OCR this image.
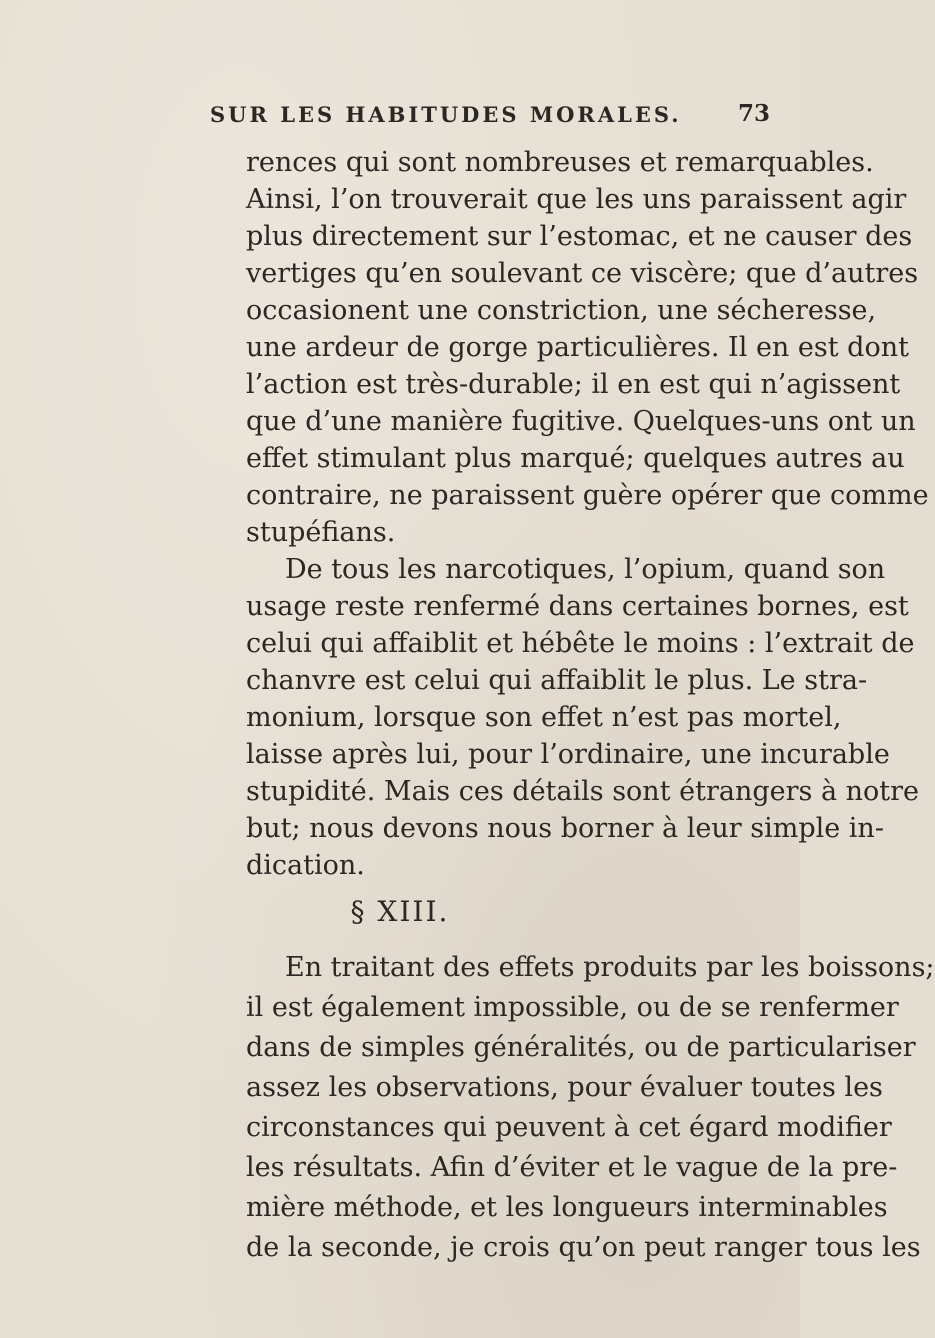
SUR LES HABITUDES MORALES. 73
rences qui sont nombreuses et remarquables.
Ainsi, l’on trouverait que les uns paraissent agir
plus directement sur l’estomac, et ne causer des
vertiges qu’en soulevant ce viscère; que d’autres
occasionent une constriction, une sécheresse,
une ardeur de gorge particulières. Il en est dont
l’action est très-durable; il en est qui n’agissent
que d’une manière fugitive. Quelques-uns ont un
effet stimulant plus marqué; quelques autres au
contraire, ne paraissent guère opérer que comme
stupéfians.
De tous les narcotiques, l’opium, quand son
usage reste renfermé dans certaines bornes, est
celui qui affaiblit et hébête le moins : l’extrait de
chanvre est celui qui affaiblit le plus. Le stra-
monium, lorsque son effet n’est pas mortel,
laisse après lui, pour l’ordinaire, une incurable
stupidité. Mais ces détails sont étrangers à notre
but; nous devons nous borner à leur simple in-
dication.
§ XIII.
En traitant des effets produits par les boissons;
il est également impossible, ou de se renfermer
dans de simples généralités, ou de particulariser
assez les observations, pour évaluer toutes les
circonstances qui peuvent à cet égard modifier
les résultats. Afin d’éviter et le vague de la pre-
mière méthode, et les longueurs interminables
de la seconde, je crois qu’on peut ranger tous les
